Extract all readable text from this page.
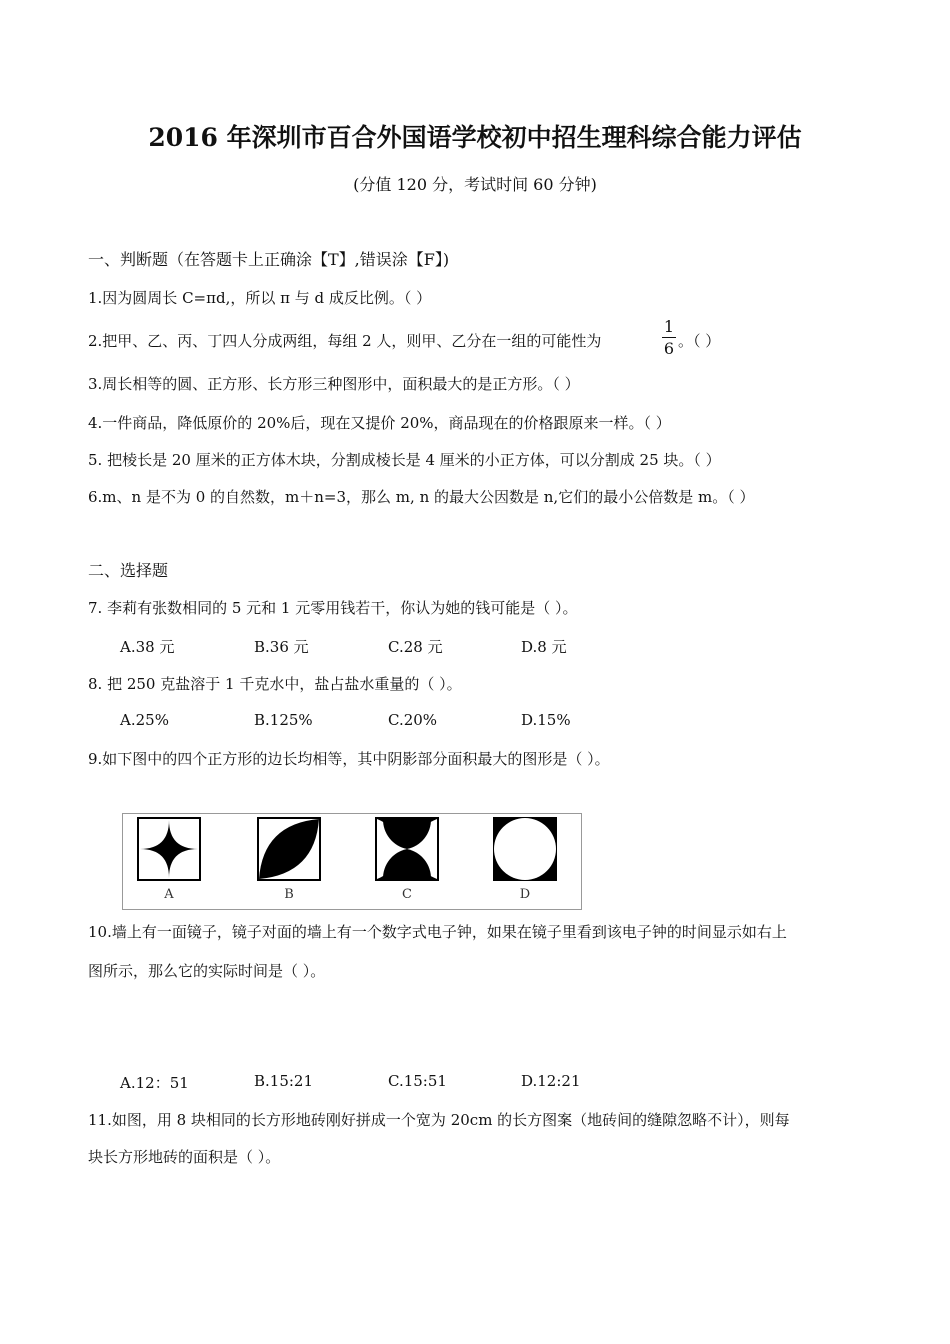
2016 年深圳市百合外国语学校初中招生理科综合能力评估
(分值 120 分，考试时间 60 分钟)
一、判断题（在答题卡上正确涂【T】,错误涂【F】)
1.因为圆周长 C=πd,，所以 π 与 d 成反比例。（ ）
2.把甲、乙、丙、丁四人分成两组，每组 2 人，则甲、乙分在一组的可能性为
1
6 。（ ）
3.周长相等的圆、正方形、长方形三种图形中，面积最大的是正方形。（ ）
4.一件商品，降低原价的 20%后，现在又提价 20%，商品现在的价格跟原来一样。（ ）
5. 把棱长是 20 厘米的正方体木块，分割成棱长是 4 厘米的小正方体，可以分割成 25 块。（ ）
6.m、n 是不为 0 的自然数，m＋n=3，那么 m, n 的最大公因数是 n,它们的最小公倍数是 m。（ ）
二、选择题
7. 李莉有张数相同的 5 元和 1 元零用钱若干，你认为她的钱可能是（ ）。
A.38 元	B.36 元	C.28 元	D.8 元
8. 把 250 克盐溶于 1 千克水中，盐占盐水重量的（ ）。
A.25%	B.125%	C.20%	D.15%
9.如下图中的四个正方形的边长均相等，其中阴影部分面积最大的图形是（ ）。
A	B	C	D
10.墙上有一面镜子，镜子对面的墙上有一个数字式电子钟，如果在镜子里看到该电子钟的时间显示如右上
图所示，那么它的实际时间是（ ）。
A.12：51	B.15:21	C.15:51	D.12:21
11.如图，用 8 块相同的长方形地砖刚好拼成一个宽为 20cm 的长方图案（地砖间的缝隙忽略不计），则每
块长方形地砖的面积是（ ）。
